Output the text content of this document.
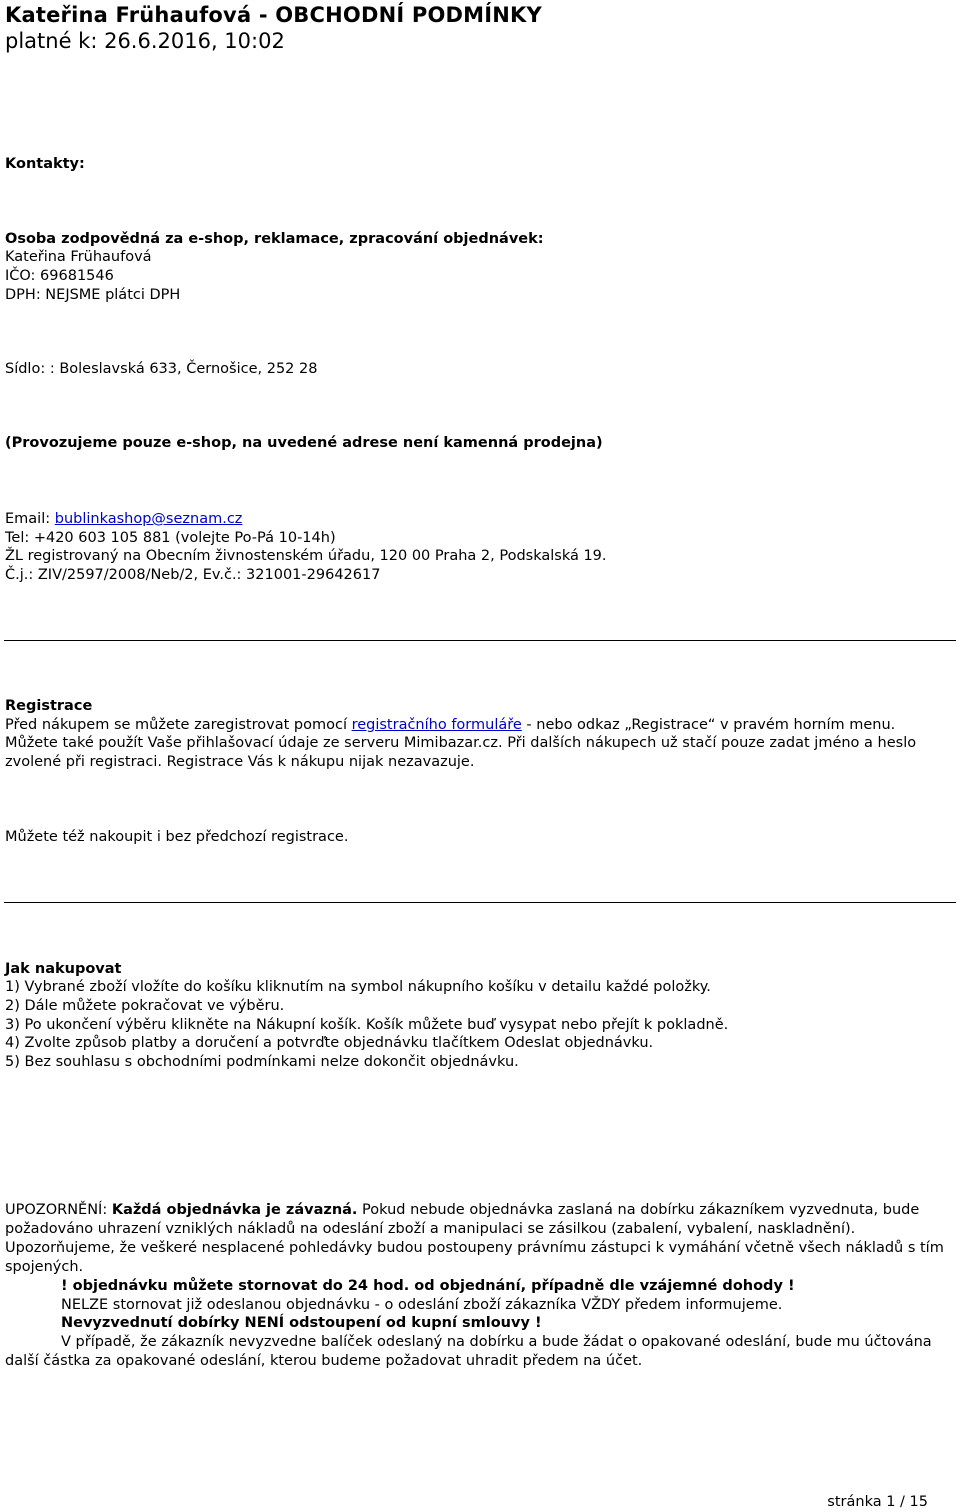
Kateřina Frühaufová - OBCHODNÍ PODMÍNKY
platné k: 26.6.2016, 10:02
Kontakty:
Osoba zodpovědná za e-shop, reklamace, zpracování objednávek:
Kateřina Frühaufová
IČO: 69681546
DPH: NEJSME plátci DPH
Sídlo: : Boleslavská 633, Černošice, 252 28
(Provozujeme pouze e-shop, na uvedené adrese není kamenná prodejna)
Email: bublinkashop@seznam.cz
Tel: +420 603 105 881 (volejte Po-Pá 10-14h)
ŽL registrovaný na Obecním živnostenském úřadu, 120 00 Praha 2, Podskalská 19.
Č.j.: ZIV/2597/2008/Neb/2, Ev.č.: 321001-29642617
Registrace
Před nákupem se můžete zaregistrovat pomocí registračního formuláře - nebo odkaz „Registrace“ v pravém horním menu.
Můžete také použít Vaše přihlašovací údaje ze serveru Mimibazar.cz. Při dalších nákupech už stačí pouze zadat jméno a heslo zvolené při registraci. Registrace Vás k nákupu nijak nezavazuje.
Můžete též nakoupit i bez předchozí registrace.
Jak nakupovat
1) Vybrané zboží vložíte do košíku kliknutím na symbol nákupního košíku v detailu každé položky.
2) Dále můžete pokračovat ve výběru.
3) Po ukončení výběru klikněte na Nákupní košík. Košík můžete buď vysypat nebo přejít k pokladně.
4) Zvolte způsob platby a doručení a potvrďte objednávku tlačítkem Odeslat objednávku.
5) Bez souhlasu s obchodními podmínkami nelze dokončit objednávku.
UPOZORNĚNÍ: Každá objednávka je závazná. Pokud nebude objednávka zaslaná na dobírku zákazníkem vyzvednuta, bude požadováno uhrazení vzniklých nákladů na odeslání zboží a manipulaci se zásilkou (zabalení, vybalení, naskladnění).
Upozorňujeme, že veškeré nesplacené pohledávky budou postoupeny právnímu zástupci k vymáhání včetně všech nákladů s tím spojených.
! objednávku můžete stornovat do 24 hod. od objednání, případně dle vzájemné dohody !
NELZE stornovat již odeslanou objednávku - o odeslání zboží zákazníka VŽDY předem informujeme.
Nevyzvednutí dobírky NENÍ odstoupení od kupní smlouvy !
V případě, že zákazník nevyzvedne balíček odeslaný na dobírku a bude žádat o opakované odeslání, bude mu účtována další částka za opakované odeslání, kterou budeme požadovat uhradit předem na účet.
stránka 1 / 15
